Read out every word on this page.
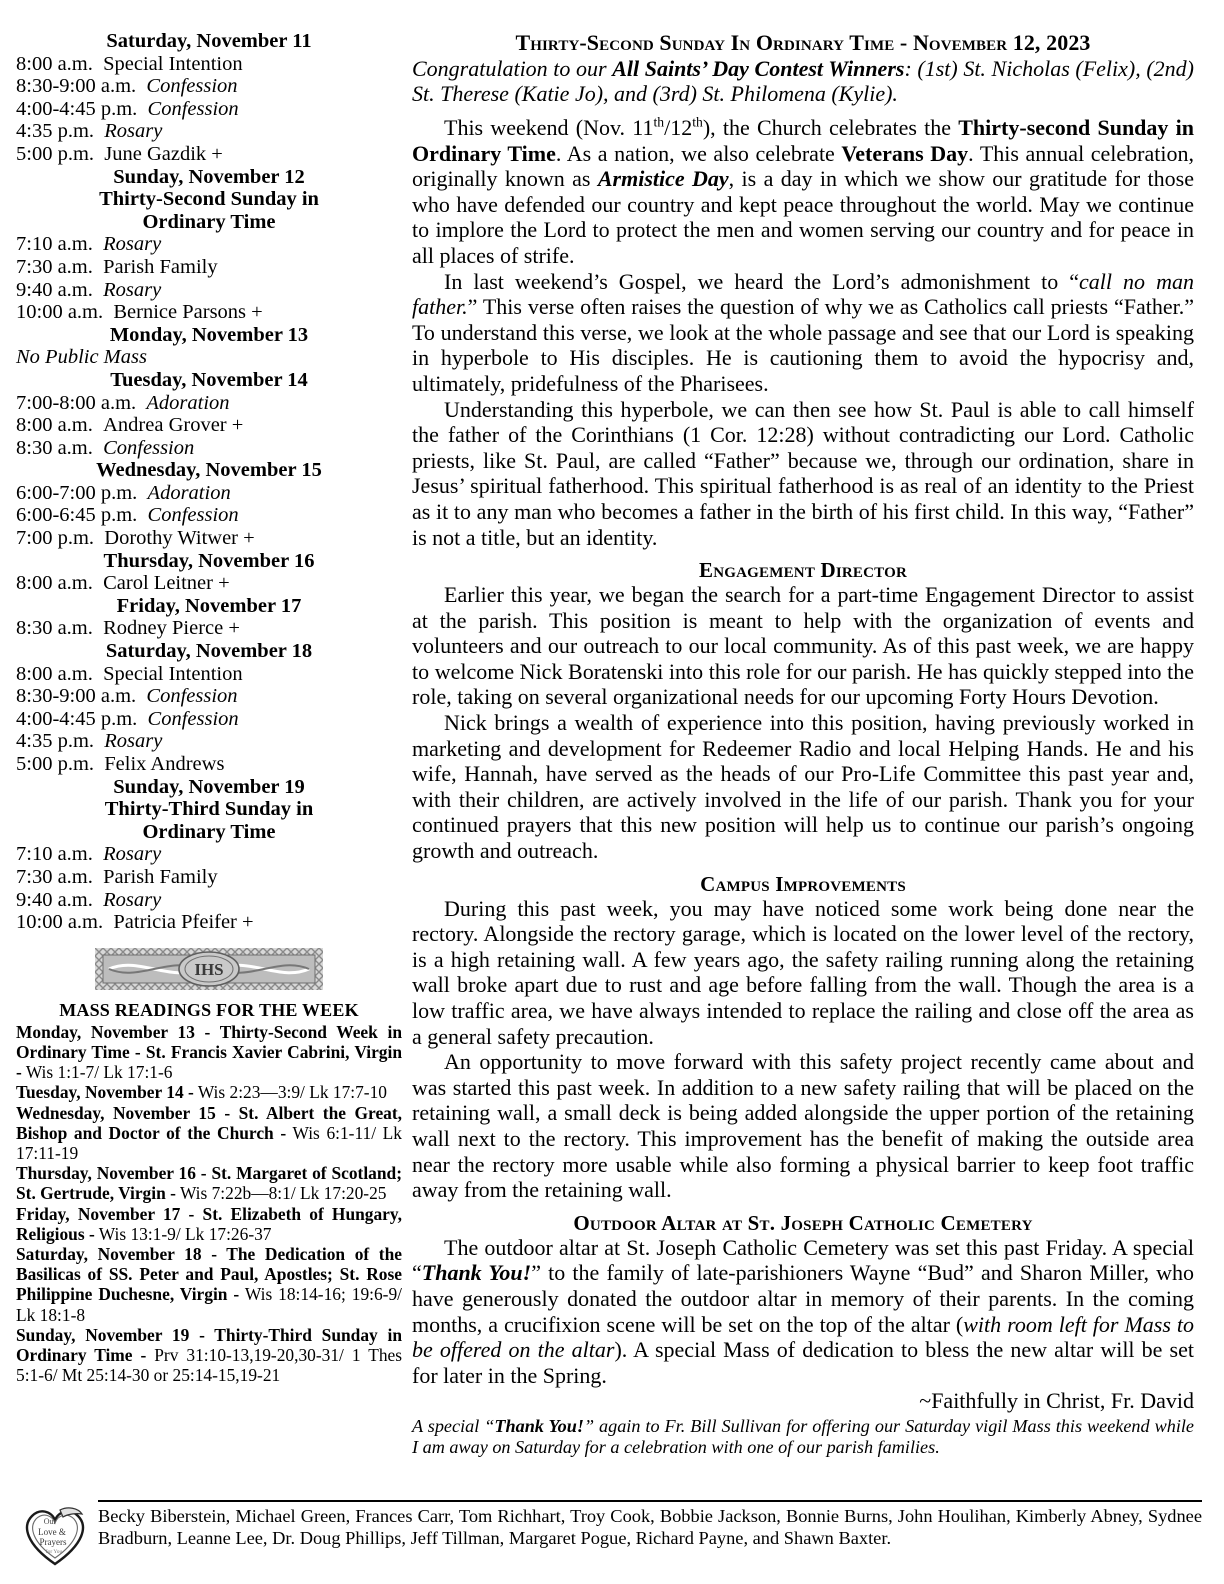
Saturday, November 11
8:00 a.m. Special Intention
8:30-9:00 a.m. Confession
4:00-4:45 p.m. Confession
4:35 p.m. Rosary
5:00 p.m. June Gazdik +
Sunday, November 12
Thirty-Second Sunday in
Ordinary Time
7:10 a.m. Rosary
7:30 a.m. Parish Family
9:40 a.m. Rosary
10:00 a.m. Bernice Parsons +
Monday, November 13
No Public Mass
Tuesday, November 14
7:00-8:00 a.m. Adoration
8:00 a.m. Andrea Grover +
8:30 a.m. Confession
Wednesday, November 15
6:00-7:00 p.m. Adoration
6:00-6:45 p.m. Confession
7:00 p.m. Dorothy Witwer +
Thursday, November 16
8:00 a.m. Carol Leitner +
Friday, November 17
8:30 a.m. Rodney Pierce +
Saturday, November 18
8:00 a.m. Special Intention
8:30-9:00 a.m. Confession
4:00-4:45 p.m. Confession
4:35 p.m. Rosary
5:00 p.m. Felix Andrews
Sunday, November 19
Thirty-Third Sunday in
Ordinary Time
7:10 a.m. Rosary
7:30 a.m. Parish Family
9:40 a.m. Rosary
10:00 a.m. Patricia Pfeifer +
IHS
MASS READINGS FOR THE WEEK

Monday, November 13 - Thirty-Second Week in Ordinary Time - St. Francis Xavier Cabrini, Virgin - Wis 1:1-7/ Lk 17:1-6

Tuesday, November 14 - Wis 2:23—3:9/ Lk 17:7-10

Wednesday, November 15 - St. Albert the Great, Bishop and Doctor of the Church - Wis 6:1-11/ Lk 17:11-19

Thursday, November 16 - St. Margaret of Scotland; St. Gertrude, Virgin - Wis 7:22b—8:1/ Lk 17:20-25

Friday, November 17 - St. Elizabeth of Hungary, Religious - Wis 13:1-9/ Lk 17:26-37

Saturday, November 18 - The Dedication of the Basilicas of SS. Peter and Paul, Apostles; St. Rose Philippine Duchesne, Virgin - Wis 18:14-16; 19:6-9/ Lk 18:1-8

Sunday, November 19 - Thirty-Third Sunday in Ordinary Time - Prv 31:10-13,19-20,30-31/ 1 Thes 5:1-6/ Mt 25:14-30 or 25:14-15,19-21

Thirty-Second Sunday In Ordinary Time - November 12, 2023

Congratulation to our All Saints’ Day Contest Winners: (1st) St. Nicholas (Felix), (2nd) St. Therese (Katie Jo), and (3rd) St. Philomena (Kylie).

This weekend (Nov. 11th/12th), the Church celebrates the Thirty-second Sunday in Ordinary Time. As a nation, we also celebrate Veterans Day. This annual celebration, originally known as Armistice Day, is a day in which we show our gratitude for those who have defended our country and kept peace throughout the world. May we continue to implore the Lord to protect the men and women serving our country and for peace in all places of strife.

In last weekend’s Gospel, we heard the Lord’s admonishment to “call no man father.” This verse often raises the question of why we as Catholics call priests “Father.” To understand this verse, we look at the whole passage and see that our Lord is speaking in hyperbole to His disciples. He is cautioning them to avoid the hypocrisy and, ultimately, pridefulness of the Pharisees.

Understanding this hyperbole, we can then see how St. Paul is able to call himself the father of the Corinthians (1 Cor. 12:28) without contradicting our Lord. Catholic priests, like St. Paul, are called “Father” because we, through our ordination, share in Jesus’ spiritual fatherhood. This spiritual fatherhood is as real of an identity to the Priest as it to any man who becomes a father in the birth of his first child. In this way, “Father” is not a title, but an identity.

Engagement Director

Earlier this year, we began the search for a part-time Engagement Director to assist at the parish. This position is meant to help with the organization of events and volunteers and our outreach to our local community. As of this past week, we are happy to welcome Nick Boratenski into this role for our parish. He has quickly stepped into the role, taking on several organizational needs for our upcoming Forty Hours Devotion.

Nick brings a wealth of experience into this position, having previously worked in marketing and development for Redeemer Radio and local Helping Hands. He and his wife, Hannah, have served as the heads of our Pro-Life Committee this past year and, with their children, are actively involved in the life of our parish. Thank you for your continued prayers that this new position will help us to continue our parish’s ongoing growth and outreach.

Campus Improvements

During this past week, you may have noticed some work being done near the rectory. Alongside the rectory garage, which is located on the lower level of the rectory, is a high retaining wall. A few years ago, the safety railing running along the retaining wall broke apart due to rust and age before falling from the wall. Though the area is a low traffic area, we have always intended to replace the railing and close off the area as a general safety precaution.

An opportunity to move forward with this safety project recently came about and was started this past week. In addition to a new safety railing that will be placed on the retaining wall, a small deck is being added alongside the upper portion of the retaining wall next to the rectory. This improvement has the benefit of making the outside area near the rectory more usable while also forming a physical barrier to keep foot traffic away from the retaining wall.

Outdoor Altar at St. Joseph Catholic Cemetery

The outdoor altar at St. Joseph Catholic Cemetery was set this past Friday. A special “Thank You!” to the family of late-parishioners Wayne “Bud” and Sharon Miller, who have generously donated the outdoor altar in memory of their parents. In the coming months, a crucifixion scene will be set on the top of the altar (with room left for Mass to be offered on the altar). A special Mass of dedication to bless the new altar will be set for later in the Spring.

~Faithfully in Christ, Fr. David

A special “Thank You!” again to Fr. Bill Sullivan for offering our Saturday vigil Mass this weekend while I am away on Saturday for a celebration with one of our parish families.

Our
Love &
Prayers
for You

Becky Biberstein, Michael Green, Frances Carr, Tom Richhart, Troy Cook, Bobbie Jackson, Bonnie Burns, John Houlihan, Kimberly Abney, Sydnee Bradburn, Leanne Lee, Dr. Doug Phillips, Jeff Tillman, Margaret Pogue, Richard Payne, and Shawn Baxter.
